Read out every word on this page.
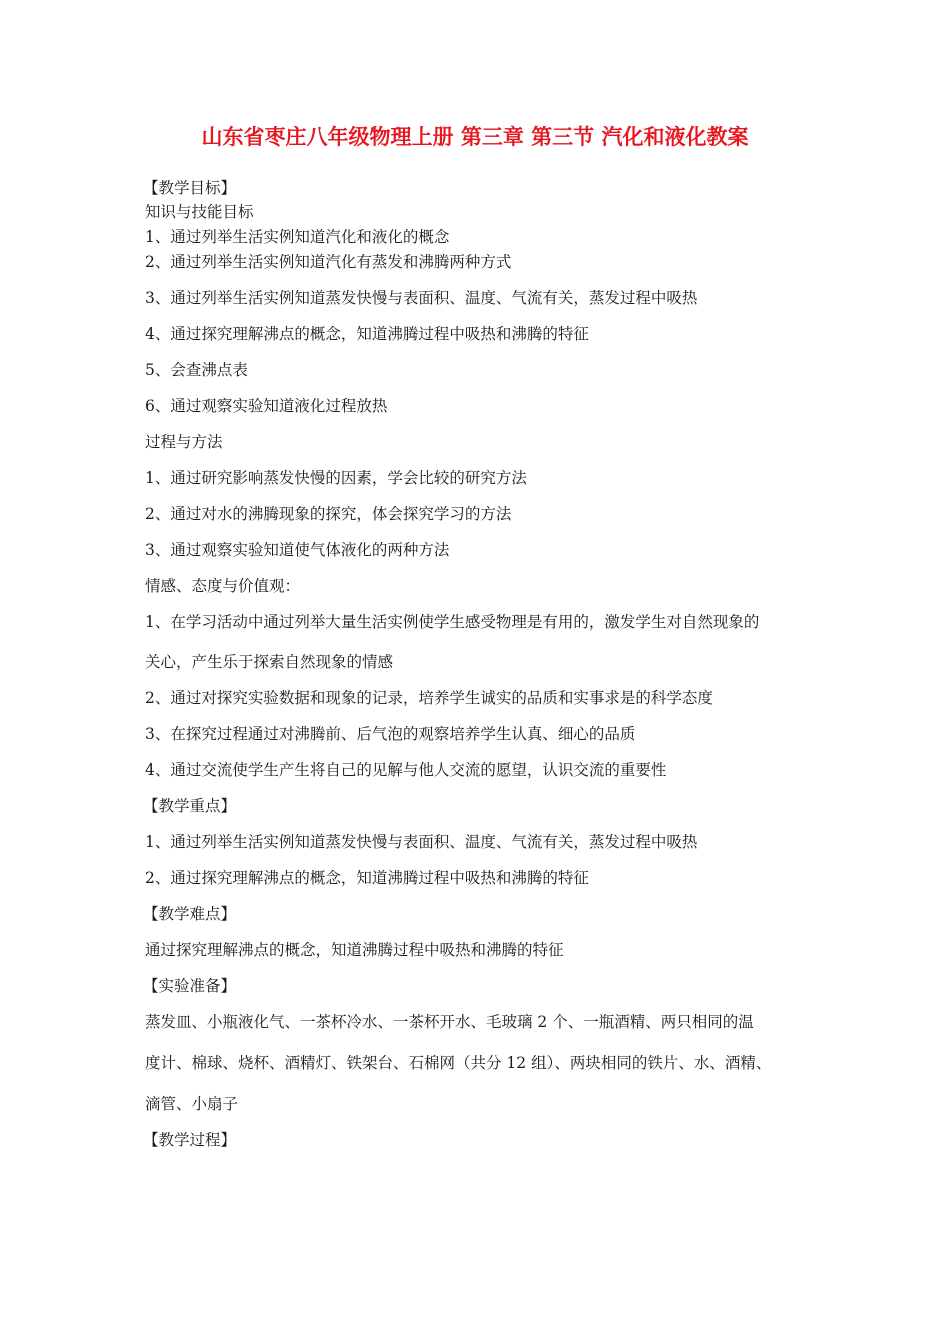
山东省枣庄八年级物理上册 第三章 第三节 汽化和液化教案
【教学目标】
知识与技能目标
1、通过列举生活实例知道汽化和液化的概念
2、通过列举生活实例知道汽化有蒸发和沸腾两种方式
3、通过列举生活实例知道蒸发快慢与表面积、温度、气流有关，蒸发过程中吸热
4、通过探究理解沸点的概念，知道沸腾过程中吸热和沸腾的特征
5、会查沸点表
6、通过观察实验知道液化过程放热
过程与方法
1、通过研究影响蒸发快慢的因素，学会比较的研究方法
2、通过对水的沸腾现象的探究，体会探究学习的方法
3、通过观察实验知道使气体液化的两种方法
情感、态度与价值观：
1、在学习活动中通过列举大量生活实例使学生感受物理是有用的，激发学生对自然现象的
关心，产生乐于探索自然现象的情感
2、通过对探究实验数据和现象的记录，培养学生诚实的品质和实事求是的科学态度
3、在探究过程通过对沸腾前、后气泡的观察培养学生认真、细心的品质
4、通过交流使学生产生将自己的见解与他人交流的愿望，认识交流的重要性
【教学重点】
1、通过列举生活实例知道蒸发快慢与表面积、温度、气流有关，蒸发过程中吸热
2、通过探究理解沸点的概念，知道沸腾过程中吸热和沸腾的特征
【教学难点】
通过探究理解沸点的概念，知道沸腾过程中吸热和沸腾的特征
【实验准备】
蒸发皿、小瓶液化气、一茶杯冷水、一茶杯开水、毛玻璃 2 个、一瓶酒精、两只相同的温
度计、棉球、烧杯、酒精灯、铁架台、石棉网（共分 12 组）、两块相同的铁片、水、酒精、
滴管、小扇子
【教学过程】
